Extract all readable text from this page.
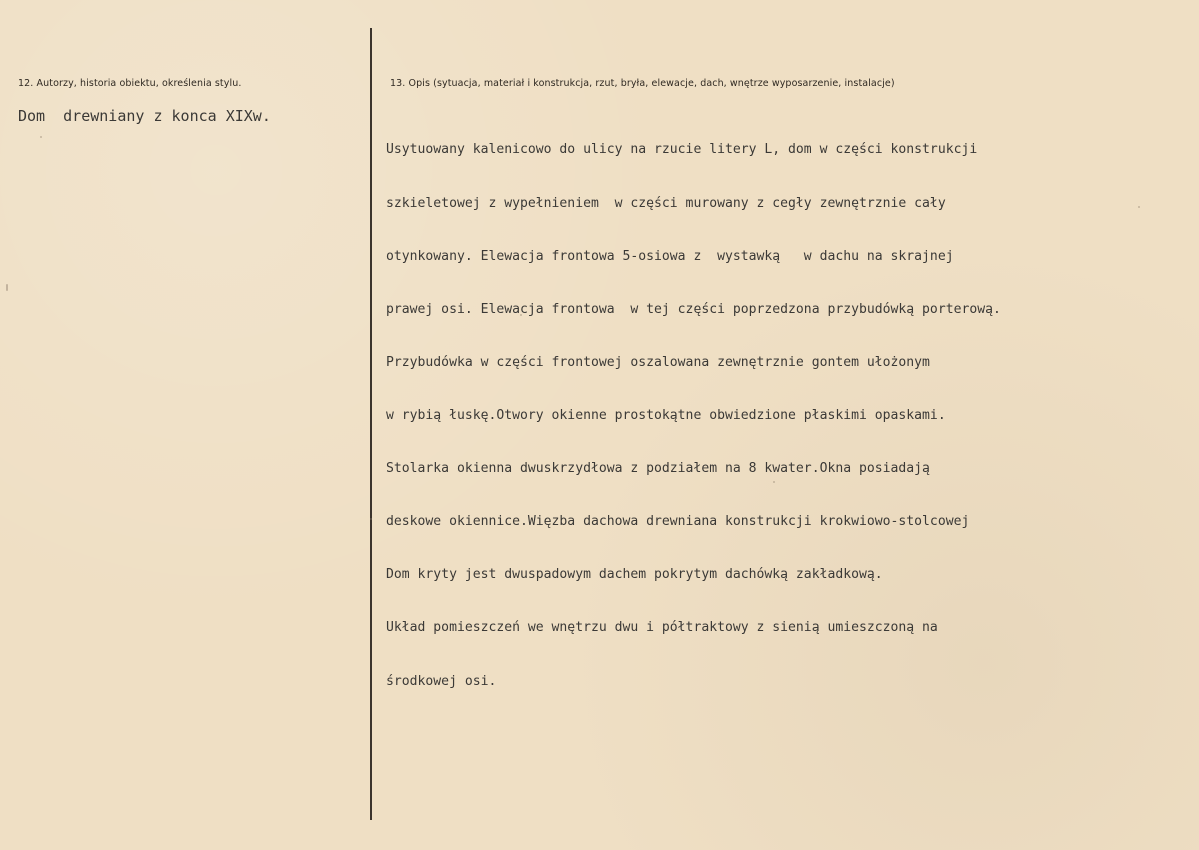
12. Autorzy, historia obiektu, określenia stylu.
Dom  drewniany z konca XIXw.
13. Opis (sytuacja, materiał i konstrukcja, rzut, bryła, elewacje, dach, wnętrze wyposarzenie, instalacje)

Usytuowany kalenicowo do ulicy na rzucie litery L, dom w części konstrukcji

szkieletowej z wypełnieniem  w części murowany z cegły zewnętrznie cały

otynkowany. Elewacja frontowa 5-osiowa z  wystawką   w dachu na skrajnej

prawej osi. Elewacja frontowa  w tej części poprzedzona przybudówką porterową.

Przybudówka w części frontowej oszalowana zewnętrznie gontem ułożonym

w rybią łuskę.Otwory okienne prostokątne obwiedzione płaskimi opaskami.

Stolarka okienna dwuskrzydłowa z podziałem na 8 kwater.Okna posiadają

deskowe okiennice.Więzba dachowa drewniana konstrukcji krokwiowo-stolcowej

Dom kryty jest dwuspadowym dachem pokrytym dachówką zakładkową.

Układ pomieszczeń we wnętrzu dwu i półtraktowy z sienią umieszczoną na

środkowej osi.
